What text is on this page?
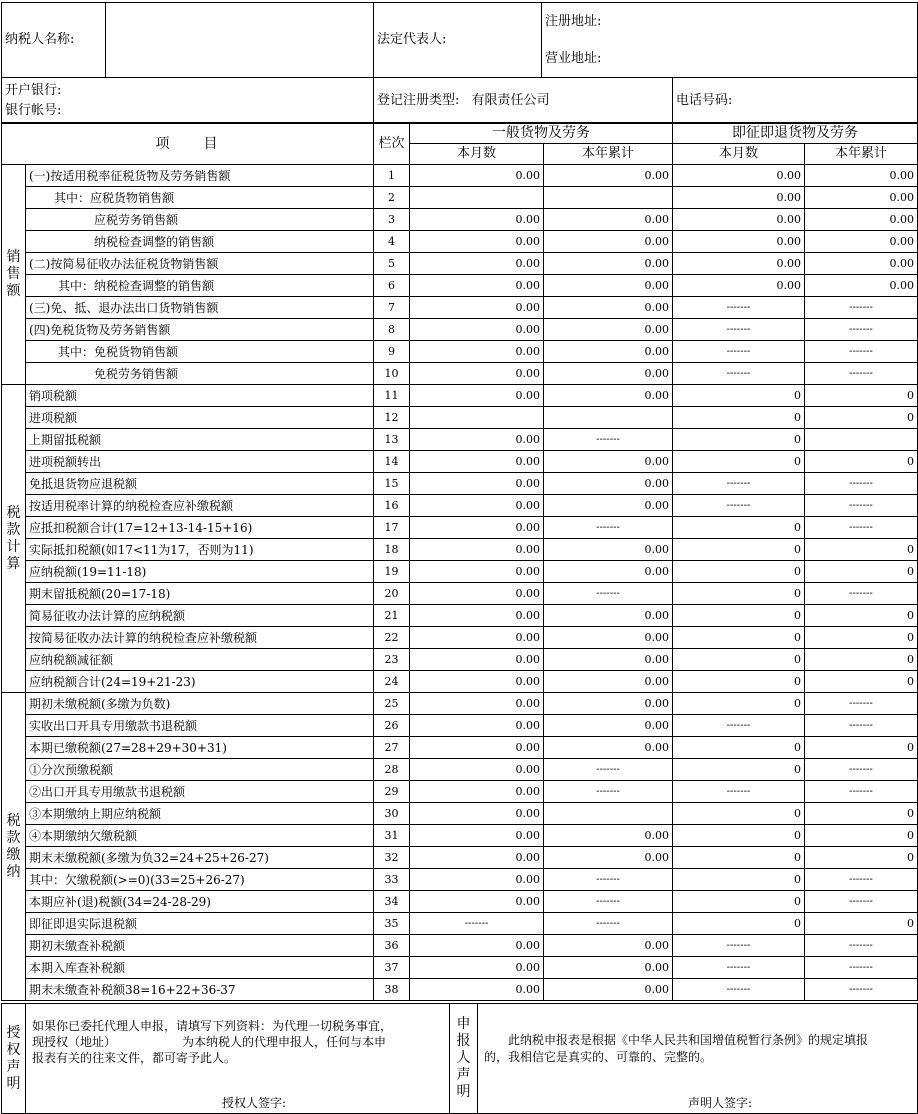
纳税人名称:		法定代表人:	注册地址:
营业地址:	

开户银行:
银行帐号:		登记注册类型: 有限责任公司		电话号码:
项　　目		栏次	一般货物及劳务		即征即退货物及劳务	
			本月数	本年累计	本月数	本年累计
销售额	(一)按适用税率征税货物及劳务销售额	1	0.00	0.00	0.00	0.00
	其中：应税货物销售额	2			0.00	0.00
	应税劳务销售额	3	0.00	0.00	0.00	0.00
	纳税检查调整的销售额	4	0.00	0.00	0.00	0.00
	(二)按简易征收办法征税货物销售额	5	0.00	0.00	0.00	0.00
	其中：纳税检查调整的销售额	6	0.00	0.00	0.00	0.00
	(三)免、抵、退办法出口货物销售额	7	0.00	0.00	-------	-------
	(四)免税货物及劳务销售额	8	0.00	0.00	-------	-------
	其中：免税货物销售额	9	0.00	0.00	-------	-------
	免税劳务销售额	10	0.00	0.00	-------	-------
税款计算	销项税额	11	0.00	0.00	0	0
	进项税额	12			0	0
	上期留抵税额	13	0.00	-------	0	
	进项税额转出	14	0.00	0.00	0	0
	免抵退货物应退税额	15	0.00	0.00	-------	-------
	按适用税率计算的纳税检查应补缴税额	16	0.00	0.00	-------	-------
	应抵扣税额合计(17=12+13-14-15+16)	17	0.00	-------	0	-------
	实际抵扣税额(如17<11为17，否则为11)	18	0.00	0.00	0	0
	应纳税额(19=11-18)	19	0.00	0.00	0	0
	期末留抵税额(20=17-18)	20	0.00	-------	0	-------
	简易征收办法计算的应纳税额	21	0.00	0.00	0	0
	按简易征收办法计算的纳税检查应补缴税额	22	0.00	0.00	0	0
	应纳税额减征额	23	0.00	0.00	0	0
	应纳税额合计(24=19+21-23)	24	0.00	0.00	0	0
税款缴纳	期初未缴税额(多缴为负数)	25	0.00	0.00	0	-------
	实收出口开具专用缴款书退税额	26	0.00	0.00	-------	-------
	本期已缴税额(27=28+29+30+31)	27	0.00	0.00	0	0
	①分次预缴税额	28	0.00	-------	0	-------
	②出口开具专用缴款书退税额	29	0.00	-------	-------	-------
	③本期缴纳上期应纳税额	30	0.00		0	0
	④本期缴纳欠缴税额	31	0.00	0.00	0	0
	期末未缴税额(多缴为负32=24+25+26-27)	32	0.00	0.00	0	0
	其中：欠缴税额(>=0)(33=25+26-27)	33	0.00	-------	0	-------
	本期应补(退)税额(34=24-28-29)	34	0.00	-------	0	-------
	即征即退实际退税额	35	-------	-------	0	0
	期初未缴查补税额	36	0.00	0.00	-------	-------
	本期入库查补税额	37	0.00	0.00	-------	-------
	期末未缴查补税额38=16+22+36-37	38	0.00	0.00	-------	-------
授权声明	
如果你已委托代理人申报，请填写下列资料：为代理一切税务事宜，
现授权（地址）　　　　　　为本纳税人的代理申报人，任何与本申
报表有关的往来文件，都可寄予此人。
授权人签字:
	申报人声明	
此纳税申报表是根据《中华人民共和国增值税暂行条例》的规定填报
的，我相信它是真实的、可靠的、完整的。
声明人签字:
